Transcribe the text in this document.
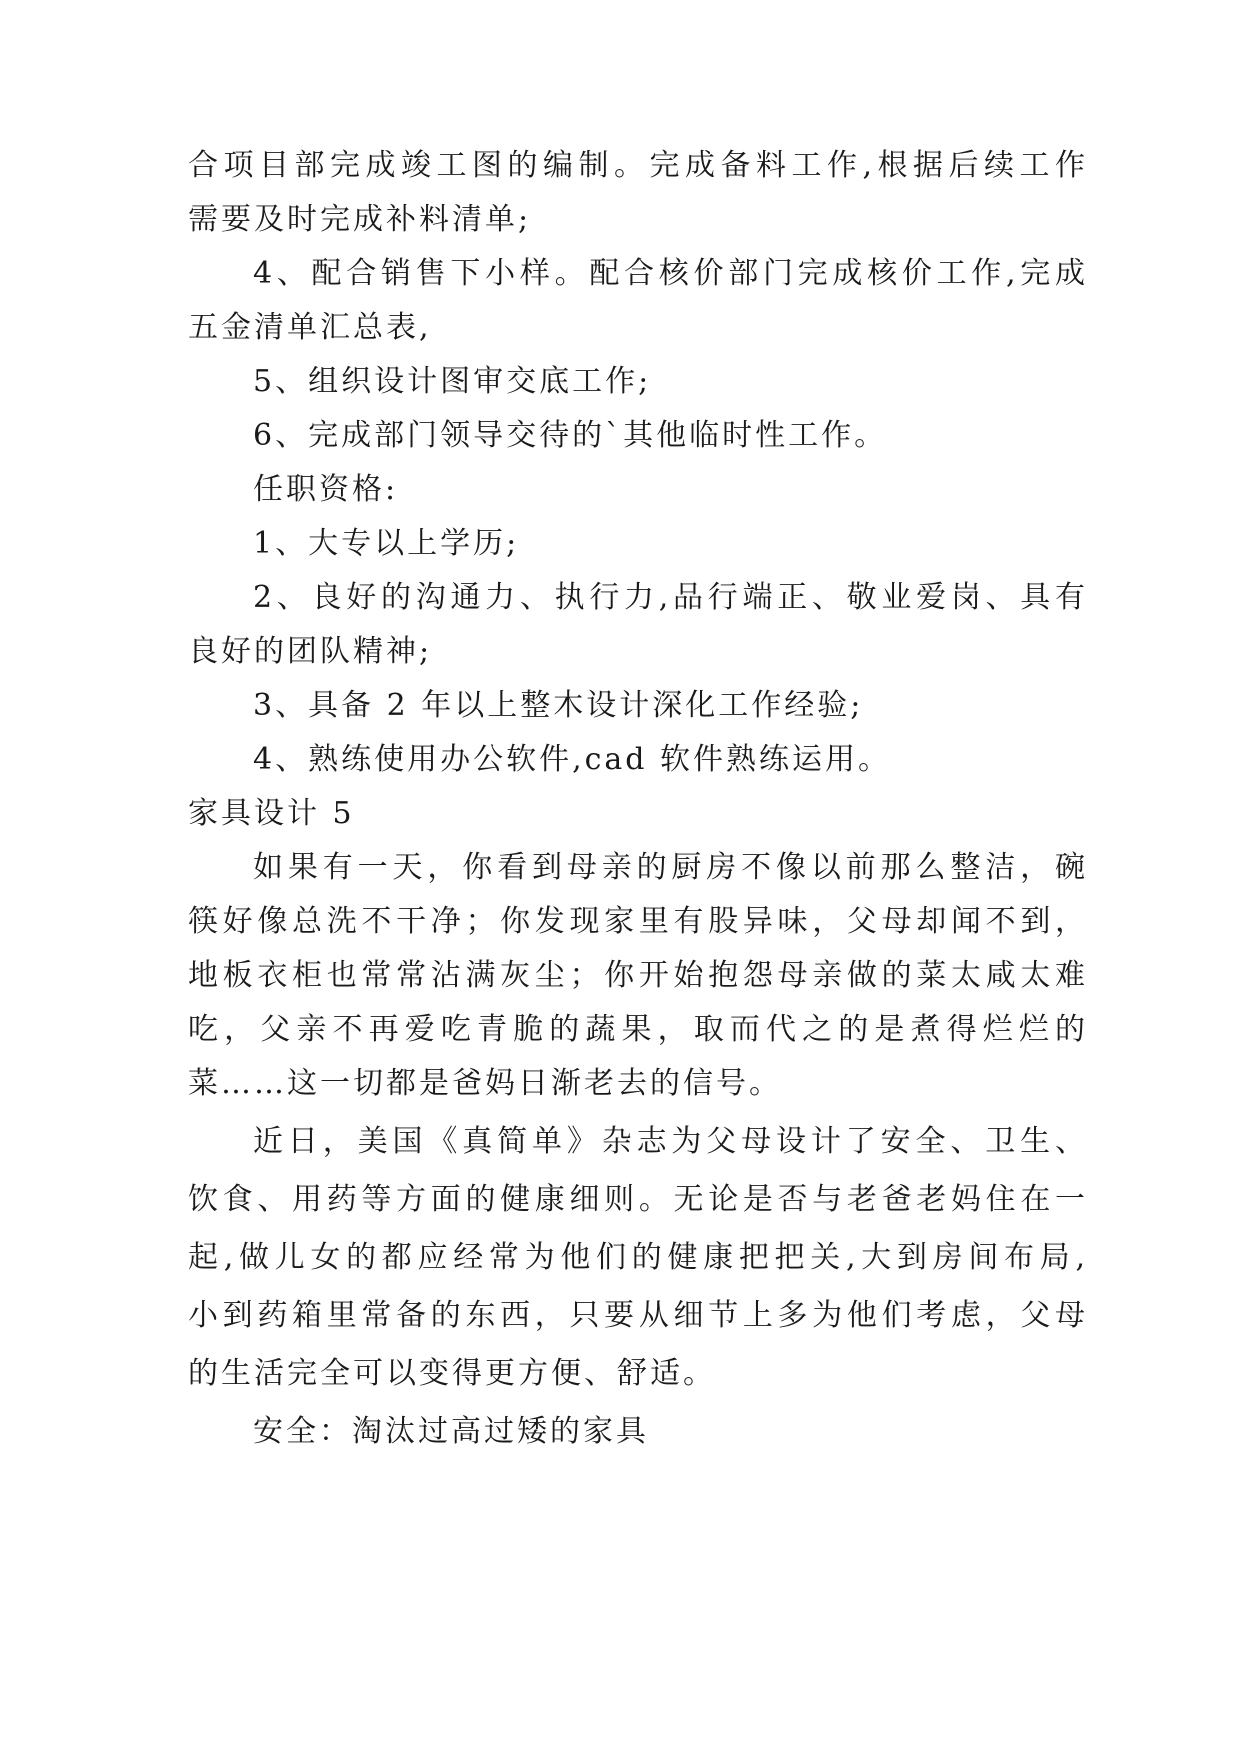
合项目部完成竣工图的编制。完成备料工作,根据后续工作
需要及时完成补料清单;
4、配合销售下小样。配合核价部门完成核价工作,完成
五金清单汇总表,
5、组织设计图审交底工作;
6、完成部门领导交待的`其他临时性工作。
任职资格:
1、大专以上学历;
2、良好的沟通力、执行力,品行端正、敬业爱岗、具有
良好的团队精神;
3、具备 2 年以上整木设计深化工作经验;
4、熟练使用办公软件,cad 软件熟练运用。
家具设计 5
如果有一天，你看到母亲的厨房不像以前那么整洁，碗
筷好像总洗不干净；你发现家里有股异味，父母却闻不到，
地板衣柜也常常沾满灰尘；你开始抱怨母亲做的菜太咸太难
吃，父亲不再爱吃青脆的蔬果，取而代之的是煮得烂烂的
菜……这一切都是爸妈日渐老去的信号。
近日，美国《真简单》杂志为父母设计了安全、卫生、
饮食、用药等方面的健康细则。无论是否与老爸老妈住在一
起,做儿女的都应经常为他们的健康把把关,大到房间布局,
小到药箱里常备的东西，只要从细节上多为他们考虑，父母
的生活完全可以变得更方便、舒适。
安全：淘汰过高过矮的家具
